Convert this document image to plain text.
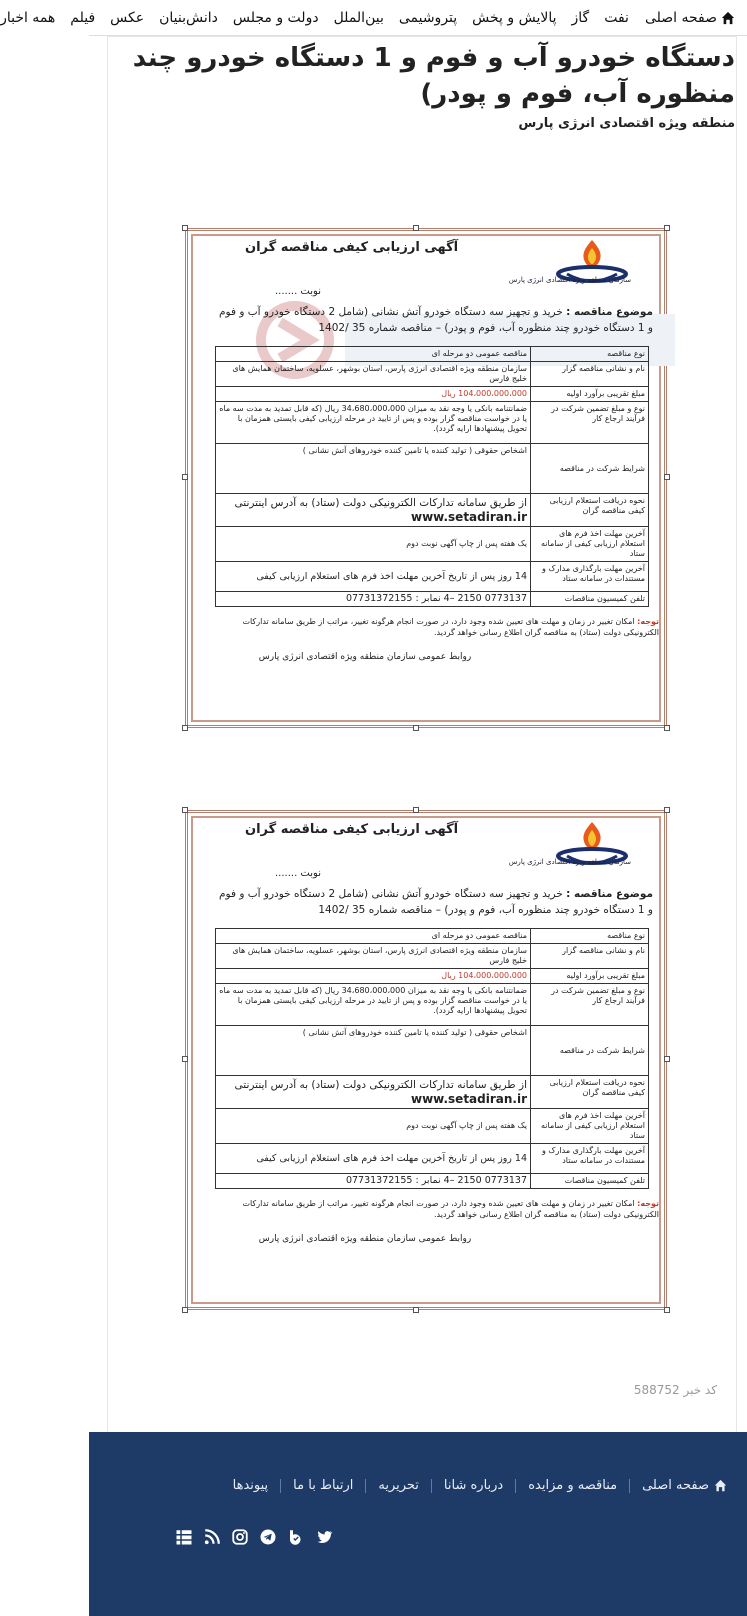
صفحه اصلی
نفت
گاز
پالایش و پخش
پتروشیمی
بین‌الملل
دولت و مجلس
دانش‌بنیان
عکس
فیلم
همه اخبار
دستگاه خودرو آب و فوم و 1 دستگاه خودرو چند منظوره آب، فوم و پودر)
منطقه ویژه اقتصادی انرژی پارس
آگهی ارزیابی کیفی مناقصه گران
سازمان منطقه ویژه اقتصادی انرژی پارس
نوبت .......
موضوع مناقصه : خرید و تجهیز سه دستگاه خودرو آتش نشانی (شامل 2 دستگاه خودرو آب و فوم و 1 دستگاه خودرو چند منظوره آب، فوم و پودر) – مناقصه شماره 35 /1402
نوع مناقصه	مناقصه عمومی دو مرحله ای
نام و نشانی مناقصه گزار	سازمان منطقه ویژه اقتصادی انرژی پارس، استان بوشهر، عسلویه، ساختمان همایش های خلیج فارس
مبلغ تقریبی برآورد اولیه	104،000،000،000 ریال
نوع و مبلغ تضمین شرکت در فرآیند ارجاع کار	ضمانتنامه بانکی یا وجه نقد به میزان 34،680،000،000 ریال (که قابل تمدید به مدت سه ماه یا در خواست مناقصه گزار بوده و پس از تایید در مرحله ارزیابی کیفی بایستی همزمان با تحویل پیشنهادها ارایه گردد).
شرایط شرکت در مناقصه	اشخاص حقوقی ( تولید کننده یا تامین کننده خودروهای آتش نشانی )
نحوه دریافت استعلام ارزیابی کیفی مناقصه گران	از طریق سامانه تدارکات الکترونیکی دولت (ستاد) به آدرس اینترنتی
www.setadiran.ir

آخرین مهلت اخذ فرم های استعلام ارزیابی کیفی از سامانه ستاد	یک هفته پس از چاپ آگهی نوبت دوم
آخرین مهلت بارگذاری مدارک و مستندات در سامانه ستاد	14 روز پس از تاریخ آخرین مهلت اخذ فرم های استعلام ارزیابی کیفی
تلفن کمیسیون مناقصات	0773137 2150 –4 نمابر : 07731372155
توجه: امکان تغییر در زمان و مهلت های تعیین شده وجود دارد، در صورت انجام هرگونه تغییر، مراتب از طریق سامانه تدارکات الکترونیکی دولت (ستاد) به مناقصه گران اطلاع رسانی خواهد گردید.
روابط عمومی سازمان منطقه ویژه اقتصادی انرژی پارس
آگهی ارزیابی کیفی مناقصه گران
سازمان منطقه ویژه اقتصادی انرژی پارس
نوبت .......
موضوع مناقصه : خرید و تجهیز سه دستگاه خودرو آتش نشانی (شامل 2 دستگاه خودرو آب و فوم و 1 دستگاه خودرو چند منظوره آب، فوم و پودر) – مناقصه شماره 35 /1402
نوع مناقصه	مناقصه عمومی دو مرحله ای
نام و نشانی مناقصه گزار	سازمان منطقه ویژه اقتصادی انرژی پارس، استان بوشهر، عسلویه، ساختمان همایش های خلیج فارس
مبلغ تقریبی برآورد اولیه	104،000،000،000 ریال
نوع و مبلغ تضمین شرکت در فرآیند ارجاع کار	ضمانتنامه بانکی یا وجه نقد به میزان 34،680،000،000 ریال (که قابل تمدید به مدت سه ماه یا در خواست مناقصه گزار بوده و پس از تایید در مرحله ارزیابی کیفی بایستی همزمان با تحویل پیشنهادها ارایه گردد).
شرایط شرکت در مناقصه	اشخاص حقوقی ( تولید کننده یا تامین کننده خودروهای آتش نشانی )
نحوه دریافت استعلام ارزیابی کیفی مناقصه گران	از طریق سامانه تدارکات الکترونیکی دولت (ستاد) به آدرس اینترنتی
www.setadiran.ir

آخرین مهلت اخذ فرم های استعلام ارزیابی کیفی از سامانه ستاد	یک هفته پس از چاپ آگهی نوبت دوم
آخرین مهلت بارگذاری مدارک و مستندات در سامانه ستاد	14 روز پس از تاریخ آخرین مهلت اخذ فرم های استعلام ارزیابی کیفی
تلفن کمیسیون مناقصات	0773137 2150 –4 نمابر : 07731372155
توجه: امکان تغییر در زمان و مهلت های تعیین شده وجود دارد، در صورت انجام هرگونه تغییر، مراتب از طریق سامانه تدارکات الکترونیکی دولت (ستاد) به مناقصه گران اطلاع رسانی خواهد گردید.
روابط عمومی سازمان منطقه ویژه اقتصادی انرژی پارس
کد خبر 588752
صفحه اصلی
مناقصه و مزایده
درباره شانا
تحریریه
ارتباط با ما
پیوندها
